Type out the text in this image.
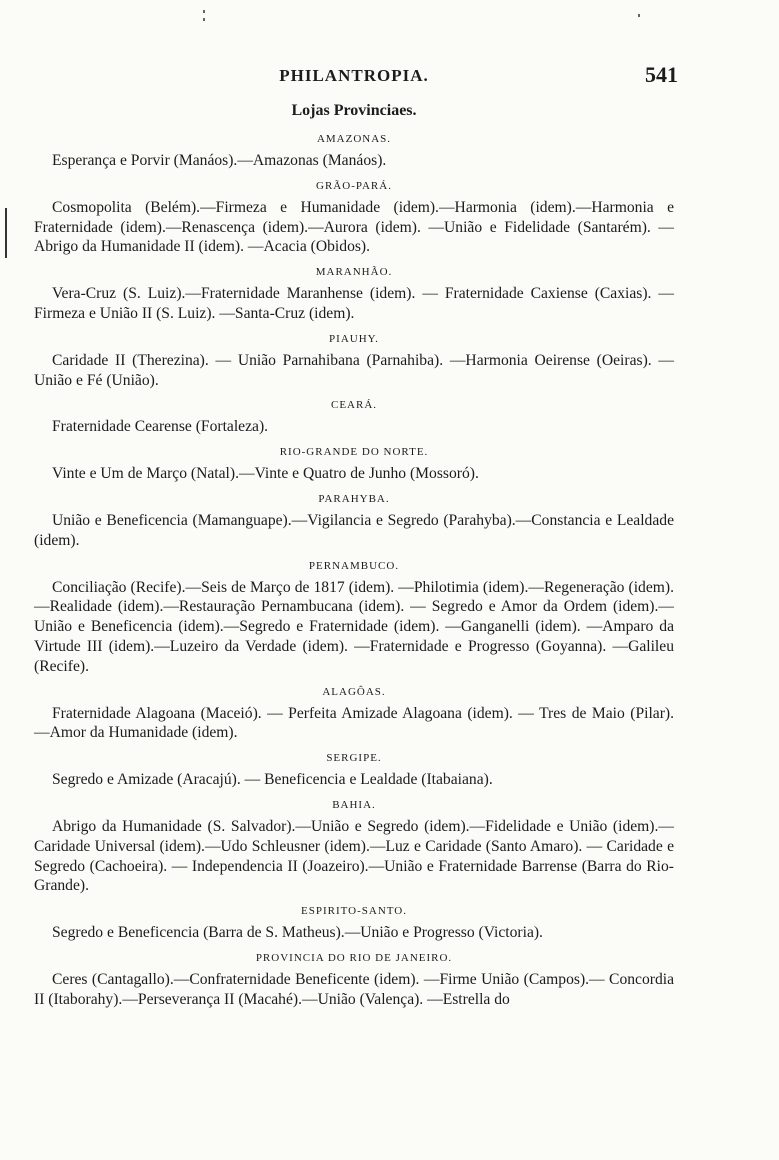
PHILANTROPIA.	541
Lojas Provinciaes.
AMAZONAS.

Esperança e Porvir (Manáos).—Amazonas (Manáos).

GRÃO-PARÁ.

Cosmopolita (Belém).—Firmeza e Humanidade (idem).—Harmonia (idem).—Harmonia e Fraternidade (idem).—Renascença (idem).—Aurora (idem). —União e Fidelidade (Santarém). —Abrigo da Humanidade II (idem). —Acacia (Obidos).

MARANHÃO.

Vera-Cruz (S. Luiz).—Fraternidade Maranhense (idem). — Fraternidade Caxiense (Caxias). —Firmeza e União II (S. Luiz). —Santa-Cruz (idem).

PIAUHY.

Caridade II (Therezina). — União Parnahibana (Parnahiba). —Harmonia Oeirense (Oeiras). —União e Fé (União).

CEARÁ.

Fraternidade Cearense (Fortaleza).

RIO-GRANDE DO NORTE.

Vinte e Um de Março (Natal).—Vinte e Quatro de Junho (Mossoró).

PARAHYBA.

União e Beneficencia (Mamanguape).—Vigilancia e Segredo (Parahyba).—Constancia e Lealdade (idem).

PERNAMBUCO.

Conciliação (Recife).—Seis de Março de 1817 (idem). —Philotimia (idem).—Regeneração (idem).—Realidade (idem).—Restauração Pernambucana (idem). — Segredo e Amor da Ordem (idem).—União e Beneficencia (idem).—Segredo e Fraternidade (idem). —Ganganelli (idem). —Amparo da Virtude III (idem).—Luzeiro da Verdade (idem). —Fraternidade e Progresso (Goyanna). —Galileu (Recife).

ALAGÔAS.

Fraternidade Alagoana (Maceió). — Perfeita Amizade Alagoana (idem). — Tres de Maio (Pilar). —Amor da Humanidade (idem).

SERGIPE.

Segredo e Amizade (Aracajú). — Beneficencia e Lealdade (Itabaiana).

BAHIA.

Abrigo da Humanidade (S. Salvador).—União e Segredo (idem).—Fidelidade e União (idem).—Caridade Universal (idem).—Udo Schleusner (idem).—Luz e Caridade (Santo Amaro). — Caridade e Segredo (Cachoeira). — Independencia II (Joazeiro).—União e Fraternidade Barrense (Barra do Rio-Grande).

ESPIRITO-SANTO.

Segredo e Beneficencia (Barra de S. Matheus).—União e Progresso (Victoria).

PROVINCIA DO RIO DE JANEIRO.

Ceres (Cantagallo).—Confraternidade Beneficente (idem). —Firme União (Campos).— Concordia II (Itaborahy).—Perseverança II (Macahé).—União (Valença). —Estrella do
